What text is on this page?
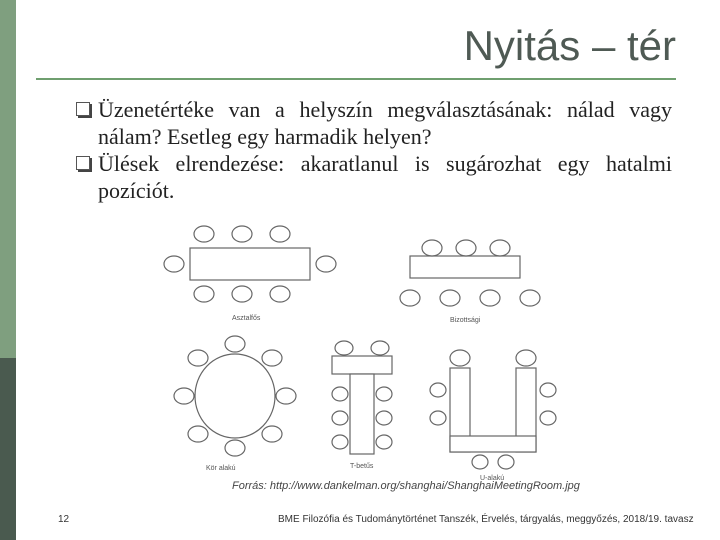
Nyitás – tér
Üzenetértéke van a helyszín megválasztásának: nálad vagy nálam? Esetleg egy harmadik helyen?
Ülések elrendezése: akaratlanul is sugározhat egy hatalmi pozíciót.
Asztalfős	Bizottsági
Kör alakú	T-betűs
U-alakú
Forrás: http://www.dankelman.org/shanghai/ShanghaiMeetingRoom.jpg
12	BME Filozófia és Tudománytörténet Tanszék, Érvelés, tárgyalás, meggyőzés, 2018/19. tavasz
